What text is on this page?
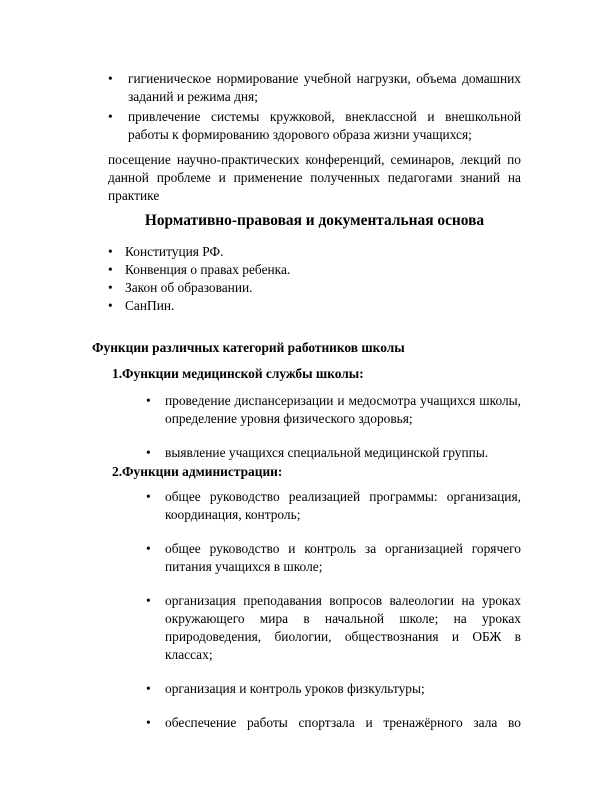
• гигиеническое нормирование учебной нагрузки, объема домашних заданий и режима дня;
• привлечение системы кружковой, внеклассной и внешкольной работы к формированию здорового образа жизни учащихся;

посещение научно-практических конференций, семинаров, лекций по данной проблеме и применение полученных педагогами знаний на практике

Нормативно-правовая и документальная основа
• Конституция РФ.
• Конвенция о правах ребенка.
• Закон об образовании.
• СанПин.
Функции различных категорий работников школы
1.Функции медицинской службы школы:
• проведение диспансеризации и медосмотра учащихся школы, определение уровня физического здоровья;
• выявление учащихся специальной медицинской группы.
2.Функции администрации:
• общее руководство реализацией программы: организация, координация, контроль;
• общее руководство и контроль за организацией горячего питания учащихся в школе;
• организация преподавания вопросов валеологии на уроках окружающего мира в начальной школе; на уроках природоведения, биологии, обществознания и ОБЖ в классах;
• организация и контроль уроков физкультуры;
• обеспечение работы спортзала и тренажёрного зала во
